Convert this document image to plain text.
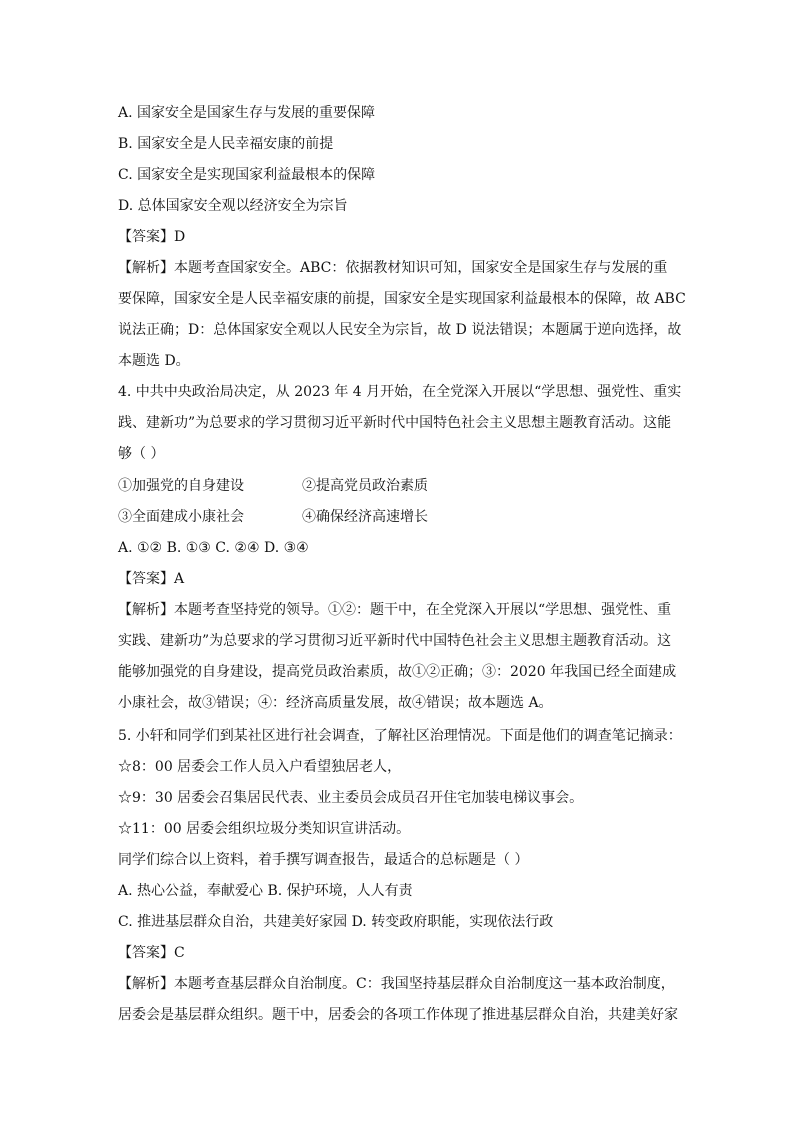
A. 国家安全是国家生存与发展的重要保障
B. 国家安全是人民幸福安康的前提
C. 国家安全是实现国家利益最根本的保障
D. 总体国家安全观以经济安全为宗旨
【答案】D
【解析】本题考查国家安全。ABC：依据教材知识可知，国家安全是国家生存与发展的重
要保障，国家安全是人民幸福安康的前提，国家安全是实现国家利益最根本的保障，故 ABC
说法正确；D：总体国家安全观以人民安全为宗旨，故 D 说法错误；本题属于逆向选择，故
本题选 D。
4. 中共中央政治局决定，从 2023 年 4 月开始，在全党深入开展以“学思想、强党性、重实
践、建新功”为总要求的学习贯彻习近平新时代中国特色社会主义思想主题教育活动。这能
够（ ）
①加强党的自身建设	②提高党员政治素质
③全面建成小康社会	④确保经济高速增长
A. ①② B. ①③ C. ②④ D. ③④
【答案】A
【解析】本题考查坚持党的领导。①②：题干中，在全党深入开展以“学思想、强党性、重
实践、建新功”为总要求的学习贯彻习近平新时代中国特色社会主义思想主题教育活动。这
能够加强党的自身建设，提高党员政治素质，故①②正确；③：2020 年我国已经全面建成
小康社会，故③错误；④：经济高质量发展，故④错误；故本题选 A。
5. 小轩和同学们到某社区进行社会调查，了解社区治理情况。下面是他们的调查笔记摘录：
☆8：00 居委会工作人员入户看望独居老人，
☆9：30 居委会召集居民代表、业主委员会成员召开住宅加装电梯议事会。
☆11：00 居委会组织垃圾分类知识宣讲活动。
同学们综合以上资料，着手撰写调查报告，最适合的总标题是（ ）
A. 热心公益，奉献爱心 B. 保护环境，人人有责
C. 推进基层群众自治，共建美好家园 D. 转变政府职能，实现依法行政
【答案】C
【解析】本题考查基层群众自治制度。C：我国坚持基层群众自治制度这一基本政治制度，
居委会是基层群众组织。题干中，居委会的各项工作体现了推进基层群众自治，共建美好家
